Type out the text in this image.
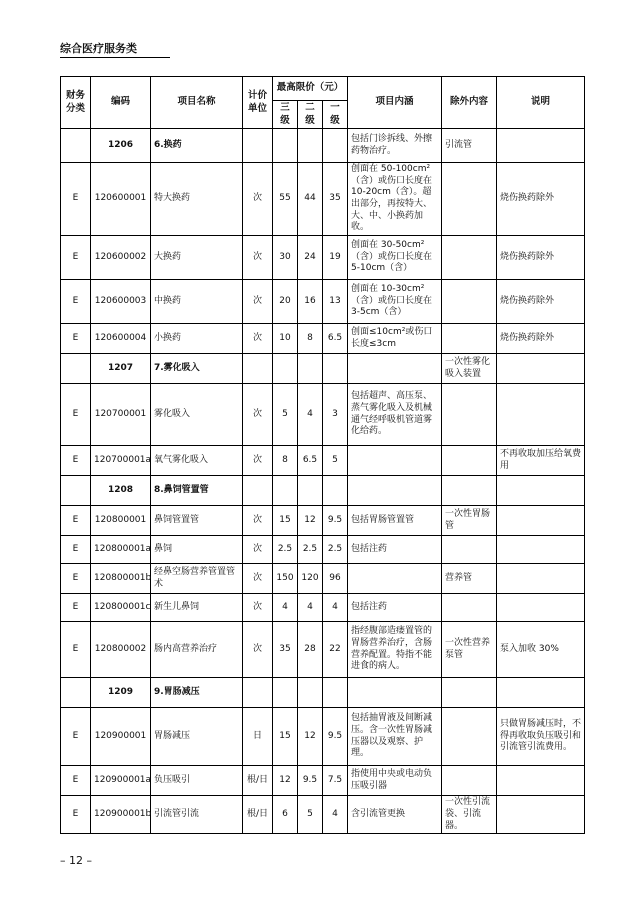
综合医疗服务类
财务分类	编码	项目名称	计价单位	最高限价（元）			项目内涵	除外内容	说明
				三级	二级	一级			
	1206	6.换药					包括门诊拆线、外擦药物治疗。	引流管	
E	120600001	特大换药	次	55	44	35	创面在 50-100cm²（含）或伤口长度在 10-20cm（含）。超出部分，再按特大、大、中、小换药加收。		烧伤换药除外
E	120600002	大换药	次	30	24	19	创面在 30-50cm²（含）或伤口长度在 5-10cm（含）		烧伤换药除外
E	120600003	中换药	次	20	16	13	创面在 10-30cm²（含）或伤口长度在 3-5cm（含）		烧伤换药除外
E	120600004	小换药	次	10	8	6.5	创面≤10cm²或伤口长度≤3cm		烧伤换药除外
	1207	7.雾化吸入						一次性雾化吸入装置	
E	120700001	雾化吸入	次	5	4	3	包括超声、高压泵、蒸气雾化吸入及机械通气经呼吸机管道雾化给药。		
E	120700001a	氧气雾化吸入	次	8	6.5	5			不再收取加压给氧费用
	1208	8.鼻饲管置管							
E	120800001	鼻饲管置管	次	15	12	9.5	包括胃肠管置管	一次性胃肠管	
E	120800001a	鼻饲	次	2.5	2.5	2.5	包括注药		
E	120800001b	经鼻空肠营养管置管术	次	150	120	96		营养管	
E	120800001c	新生儿鼻饲	次	4	4	4	包括注药		
E	120800002	肠内高营养治疗	次	35	28	22	指经腹部造瘘置管的胃肠营养治疗，含肠营养配置。特指不能进食的病人。	一次性营养泵管	泵入加收 30%
	1209	9.胃肠减压							
E	120900001	胃肠减压	日	15	12	9.5	包括抽胃液及间断减压。含一次性胃肠减压器以及观察、护理。		只做胃肠减压时，不得再收取负压吸引和引流管引流费用。
E	120900001a	负压吸引	根/日	12	9.5	7.5	指使用中央或电动负压吸引器		
E	120900001b	引流管引流	根/日	6	5	4	含引流管更换	一次性引流袋、引流器。	
– 12 –
